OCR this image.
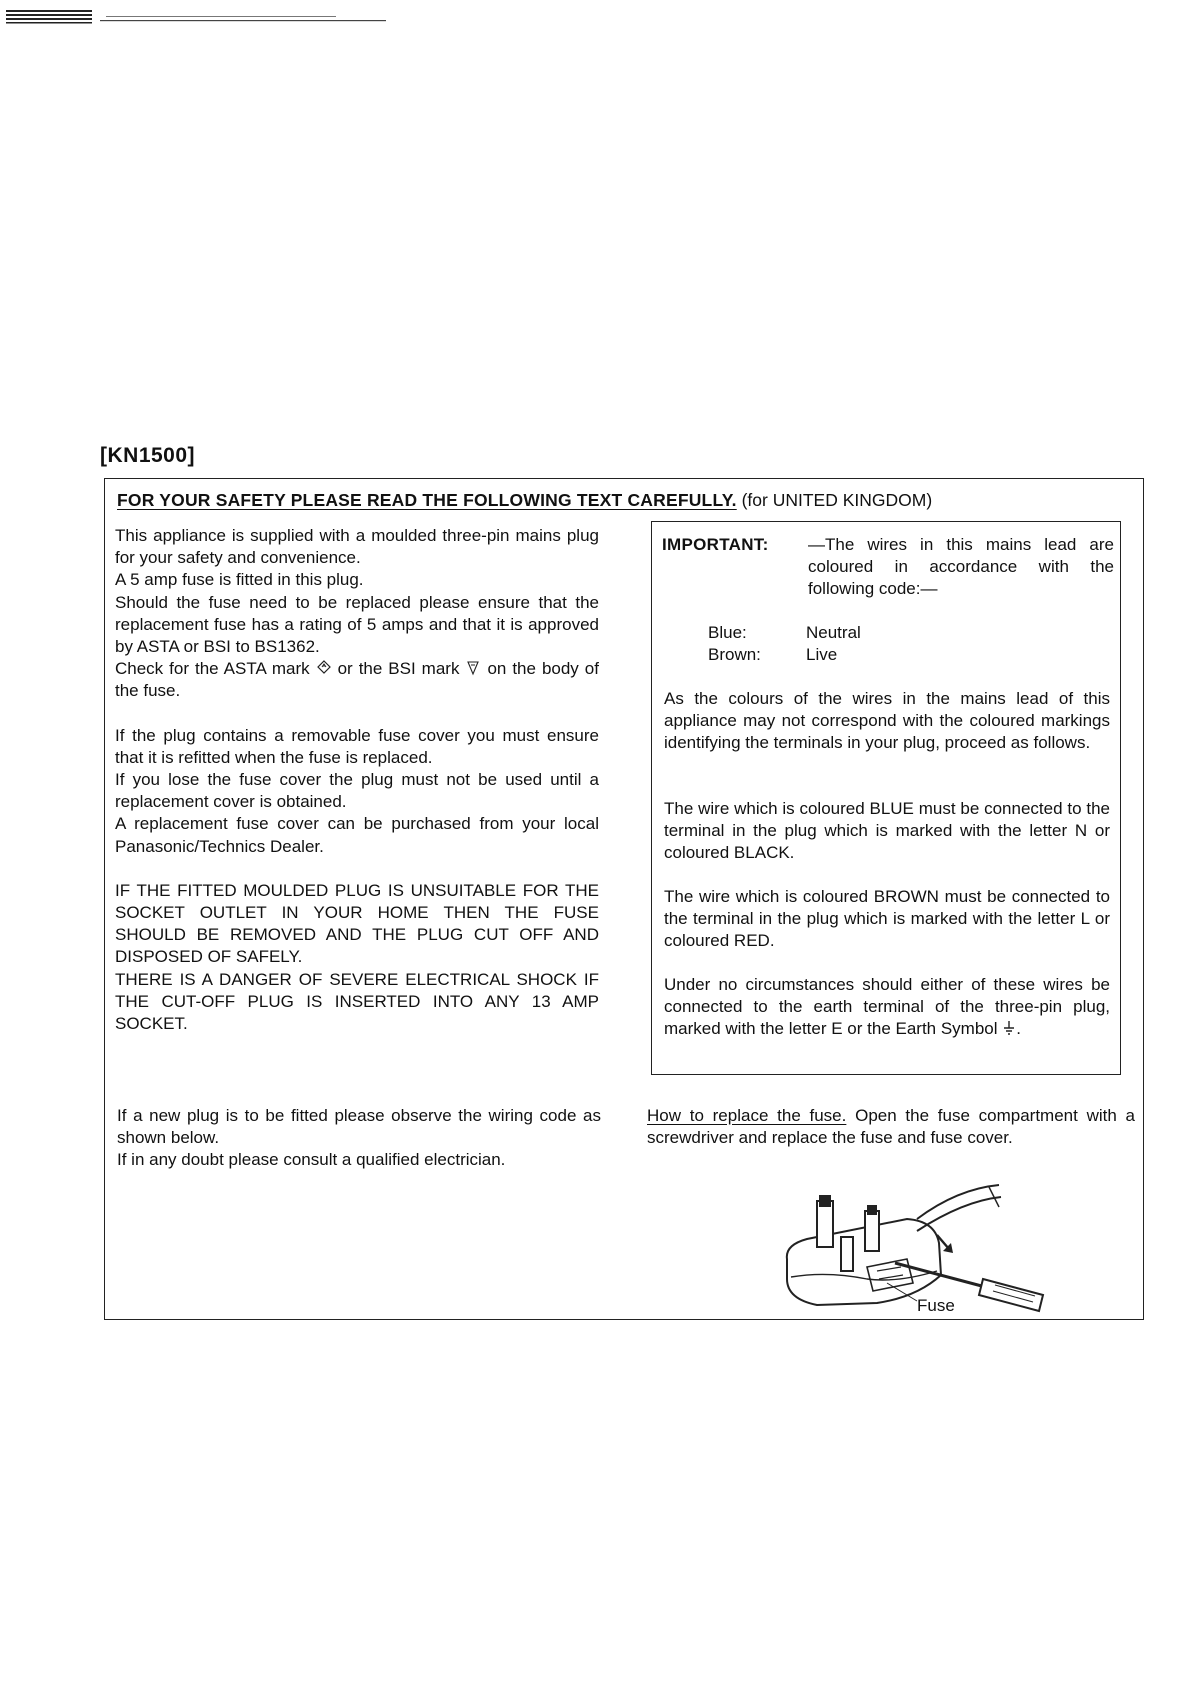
[KN1500]
FOR YOUR SAFETY PLEASE READ THE FOLLOWING TEXT CAREFULLY. (for UNITED KINGDOM)

This appliance is supplied with a moulded three-pin mains plug for your safety and convenience.

A 5 amp fuse is fitted in this plug.

Should the fuse need to be replaced please ensure that the replacement fuse has a rating of 5 amps and that it is approved by ASTA or BSI to BS1362.

Check for the ASTA mark or the BSI mark on the body of the fuse.

If the plug contains a removable fuse cover you must ensure that it is refitted when the fuse is replaced.

If you lose the fuse cover the plug must not be used until a replacement cover is obtained.

A replacement fuse cover can be purchased from your local Panasonic/Technics Dealer.

IF THE FITTED MOULDED PLUG IS UNSUITABLE FOR THE SOCKET OUTLET IN YOUR HOME THEN THE FUSE SHOULD BE REMOVED AND THE PLUG CUT OFF AND DISPOSED OF SAFELY.

THERE IS A DANGER OF SEVERE ELECTRICAL SHOCK IF THE CUT-OFF PLUG IS INSERTED INTO ANY 13 AMP SOCKET.

IMPORTANT: —The wires in this mains lead are coloured in accordance with the following code:—
Blue:	Neutral
Brown:	Live
As the colours of the wires in the mains lead of this appliance may not correspond with the coloured markings identifying the terminals in your plug, proceed as follows.
The wire which is coloured BLUE must be connected to the terminal in the plug which is marked with the letter N or coloured BLACK.
The wire which is coloured BROWN must be connected to the terminal in the plug which is marked with the letter L or coloured RED.
Under no circumstances should either of these wires be connected to the earth terminal of the three-pin plug, marked with the letter E or the Earth Symbol .

If a new plug is to be fitted please observe the wiring code as shown below.

If in any doubt please consult a qualified electrician.

How to replace the fuse. Open the fuse compartment with a screwdriver and replace the fuse and fuse cover.
Fuse
